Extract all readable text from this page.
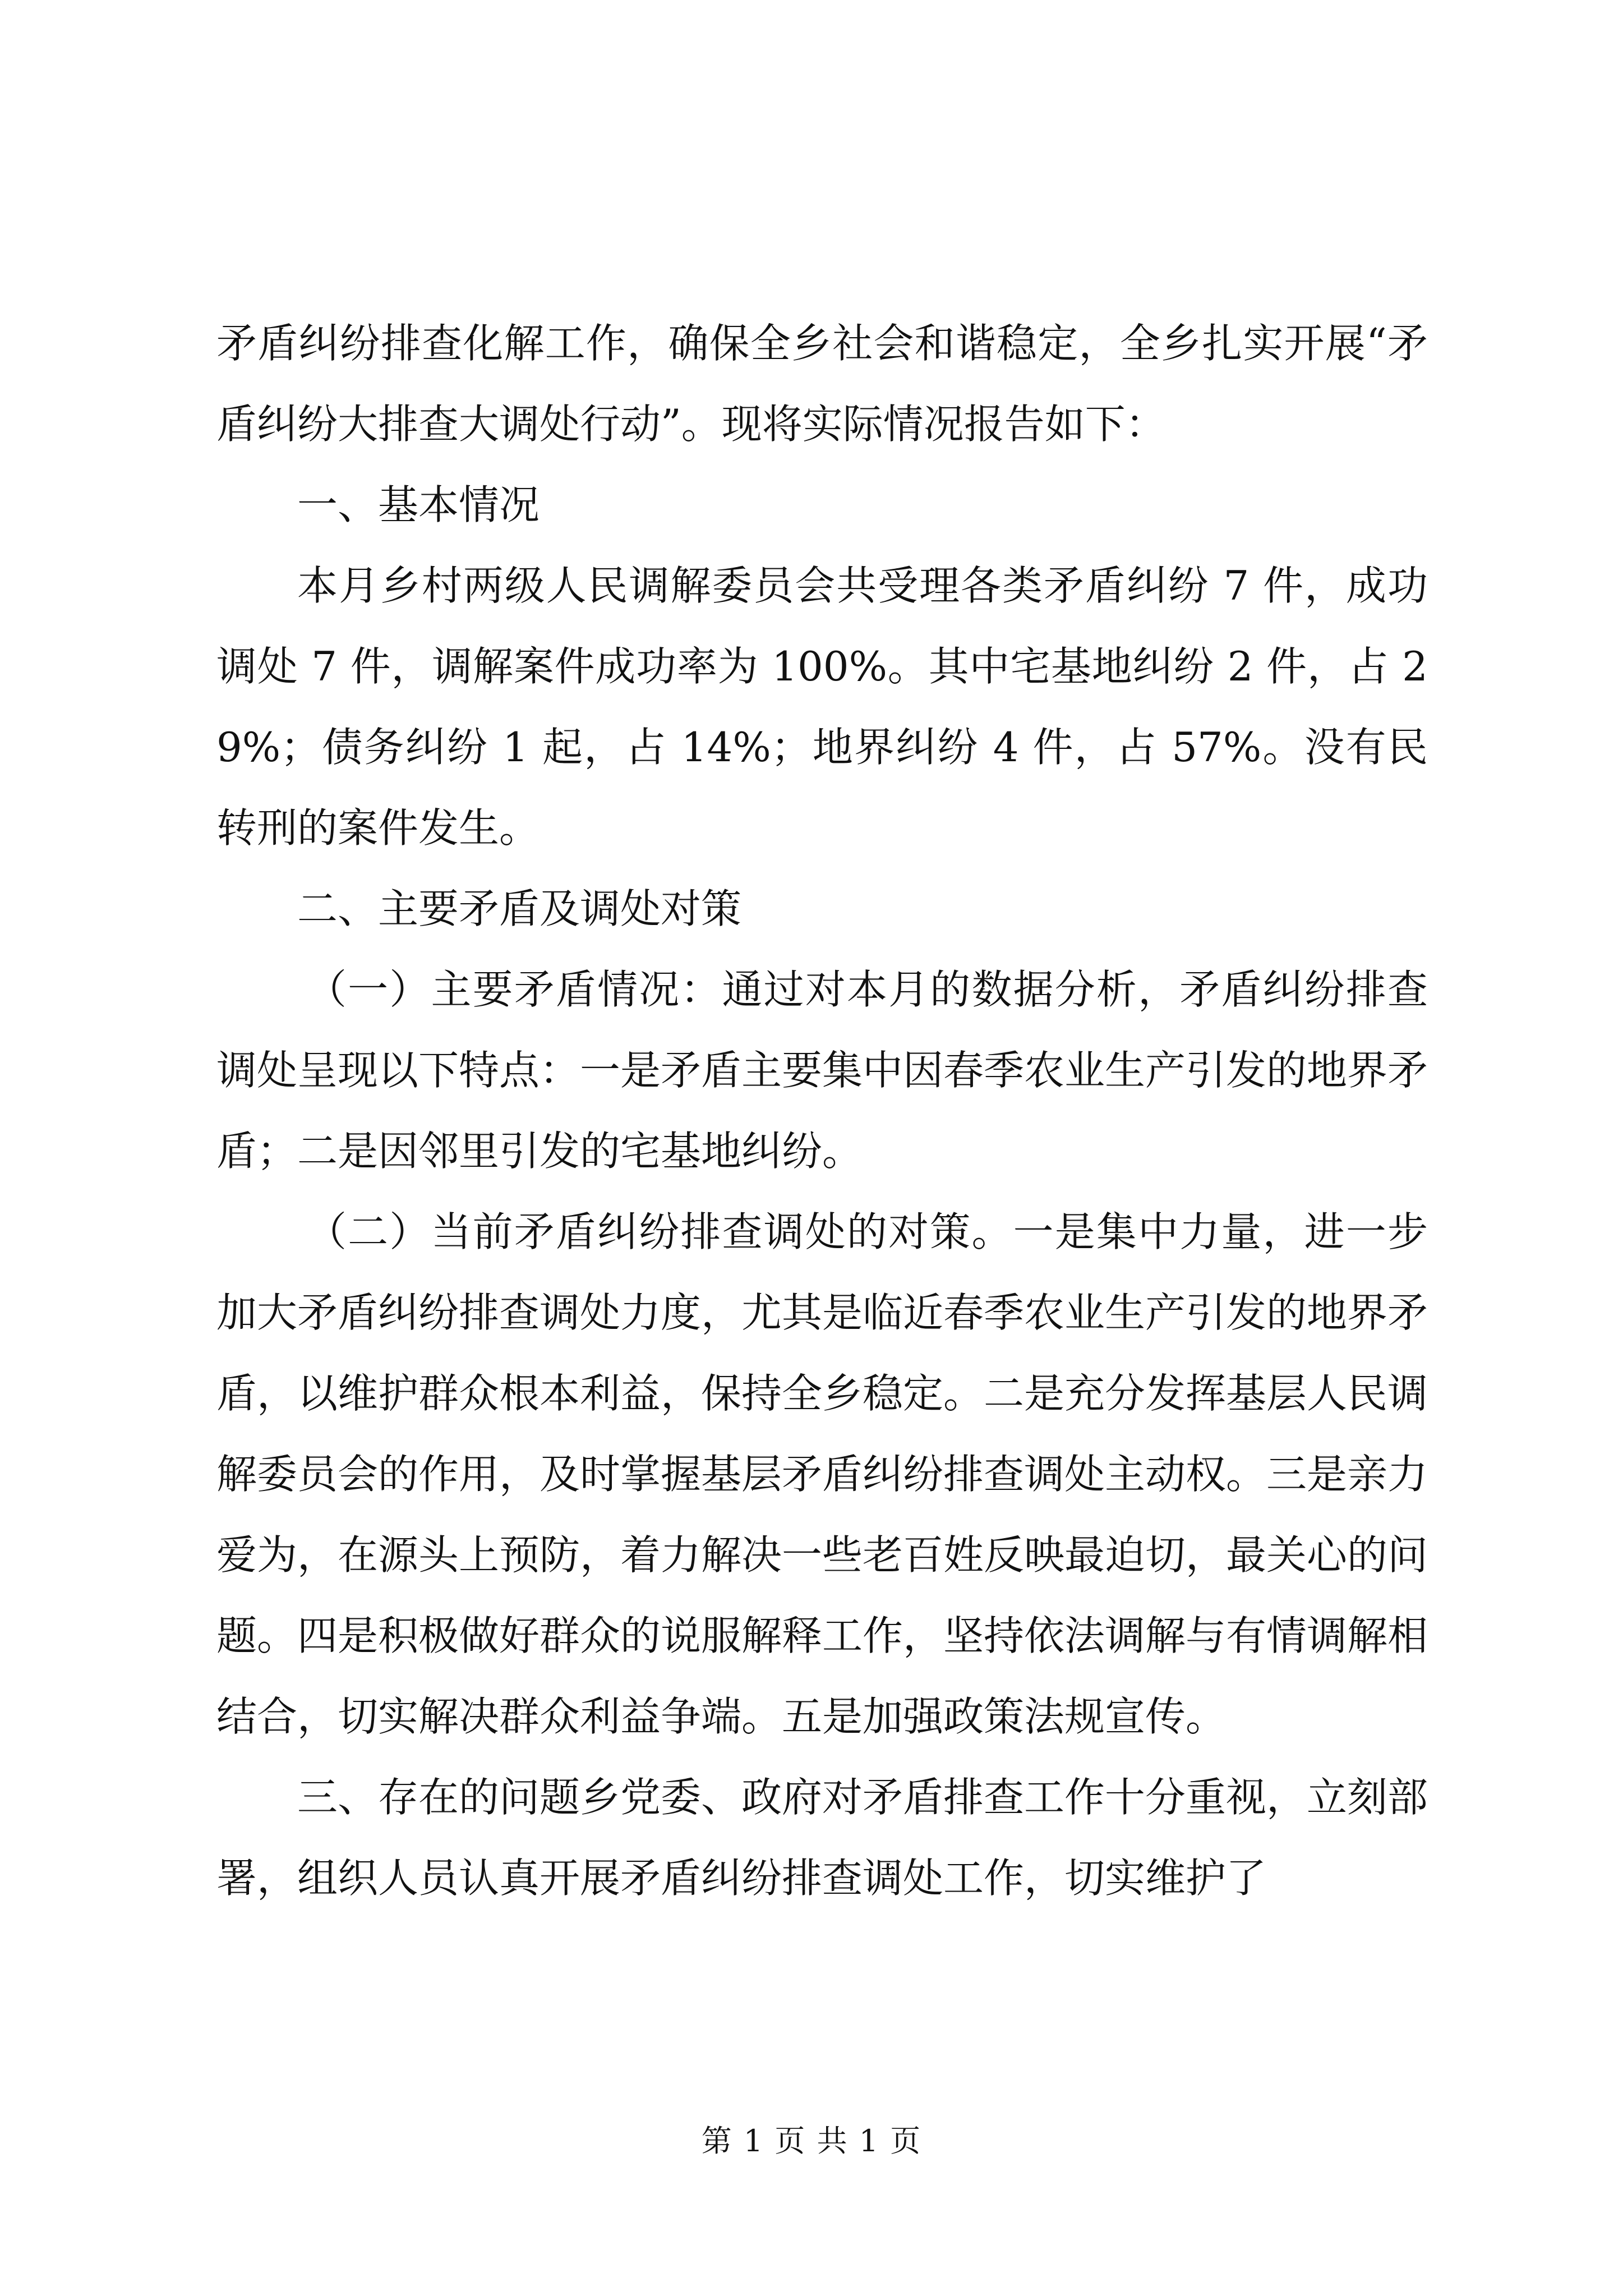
矛盾纠纷排查化解工作，确保全乡社会和谐稳定，全乡扎实开展“矛盾纠纷大排查大调处行动”。现将实际情况报告如下：

一、基本情况

本月乡村两级人民调解委员会共受理各类矛盾纠纷 7 件，成功调处 7 件，调解案件成功率为 100%。其中宅基地纠纷 2 件，占 29%；债务纠纷 1 起，占 14%；地界纠纷 4 件，占 57%。没有民转刑的案件发生。

二、主要矛盾及调处对策

（一）主要矛盾情况：通过对本月的数据分析，矛盾纠纷排查调处呈现以下特点：一是矛盾主要集中因春季农业生产引发的地界矛盾；二是因邻里引发的宅基地纠纷。

（二）当前矛盾纠纷排查调处的对策。一是集中力量，进一步加大矛盾纠纷排查调处力度，尤其是临近春季农业生产引发的地界矛盾，以维护群众根本利益，保持全乡稳定。二是充分发挥基层人民调解委员会的作用，及时掌握基层矛盾纠纷排查调处主动权。三是亲力爱为，在源头上预防，着力解决一些老百姓反映最迫切，最关心的问题。四是积极做好群众的说服解释工作，坚持依法调解与有情调解相结合，切实解决群众利益争端。五是加强政策法规宣传。

三、存在的问题乡党委、政府对矛盾排查工作十分重视，立刻部署，组织人员认真开展矛盾纠纷排查调处工作，切实维护了

第 1 页 共 1 页
